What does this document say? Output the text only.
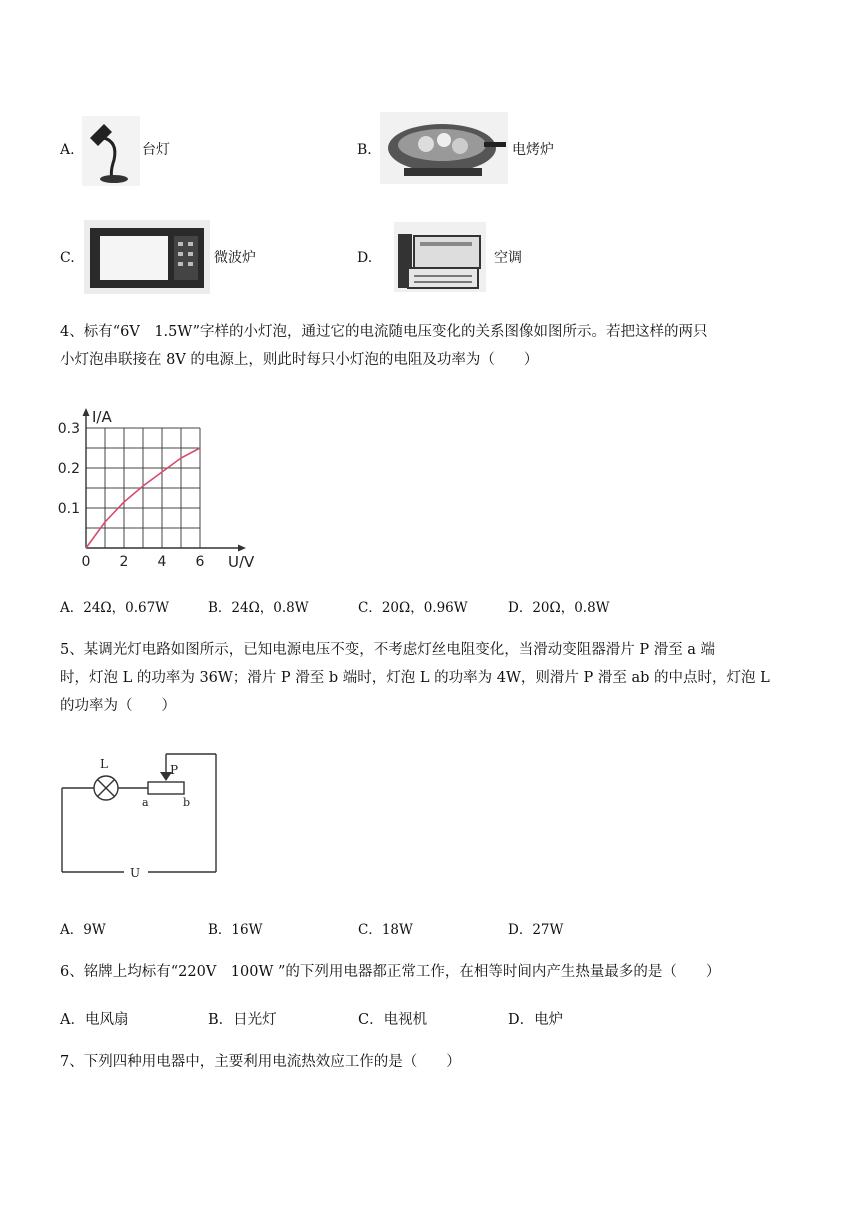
A.	台灯	B.	电烤炉
C.	微波炉	D.	空调
4、标有“6V　1.5W”字样的小灯泡，通过它的电流随电压变化的关系图像如图所示。若把这样的两只
小灯泡串联接在 8V 的电源上，则此时每只小灯泡的电阻及功率为（　　）
0 2 4 6
0.1
0.2
0.3
I/A
U/V
A．24Ω，0.67W	B．24Ω，0.8W	C．20Ω，0.96W	D．20Ω，0.8W
5、某调光灯电路如图所示，已知电源电压不变，不考虑灯丝电阻变化，当滑动变阻器滑片 P 滑至 a 端
时，灯泡 L 的功率为 36W；滑片 P 滑至 b 端时，灯泡 L 的功率为 4W，则滑片 P 滑至 ab 的中点时，灯泡 L
的功率为（　　）
L	P
a	b
U
A．9W	B．16W	C．18W	D．27W
6、铭牌上均标有“220V　100W ”的下列用电器都正常工作，在相等时间内产生热量最多的是（　　）
A．电风扇	B．日光灯	C．电视机	D．电炉
7、下列四种用电器中，主要利用电流热效应工作的是（　　）
